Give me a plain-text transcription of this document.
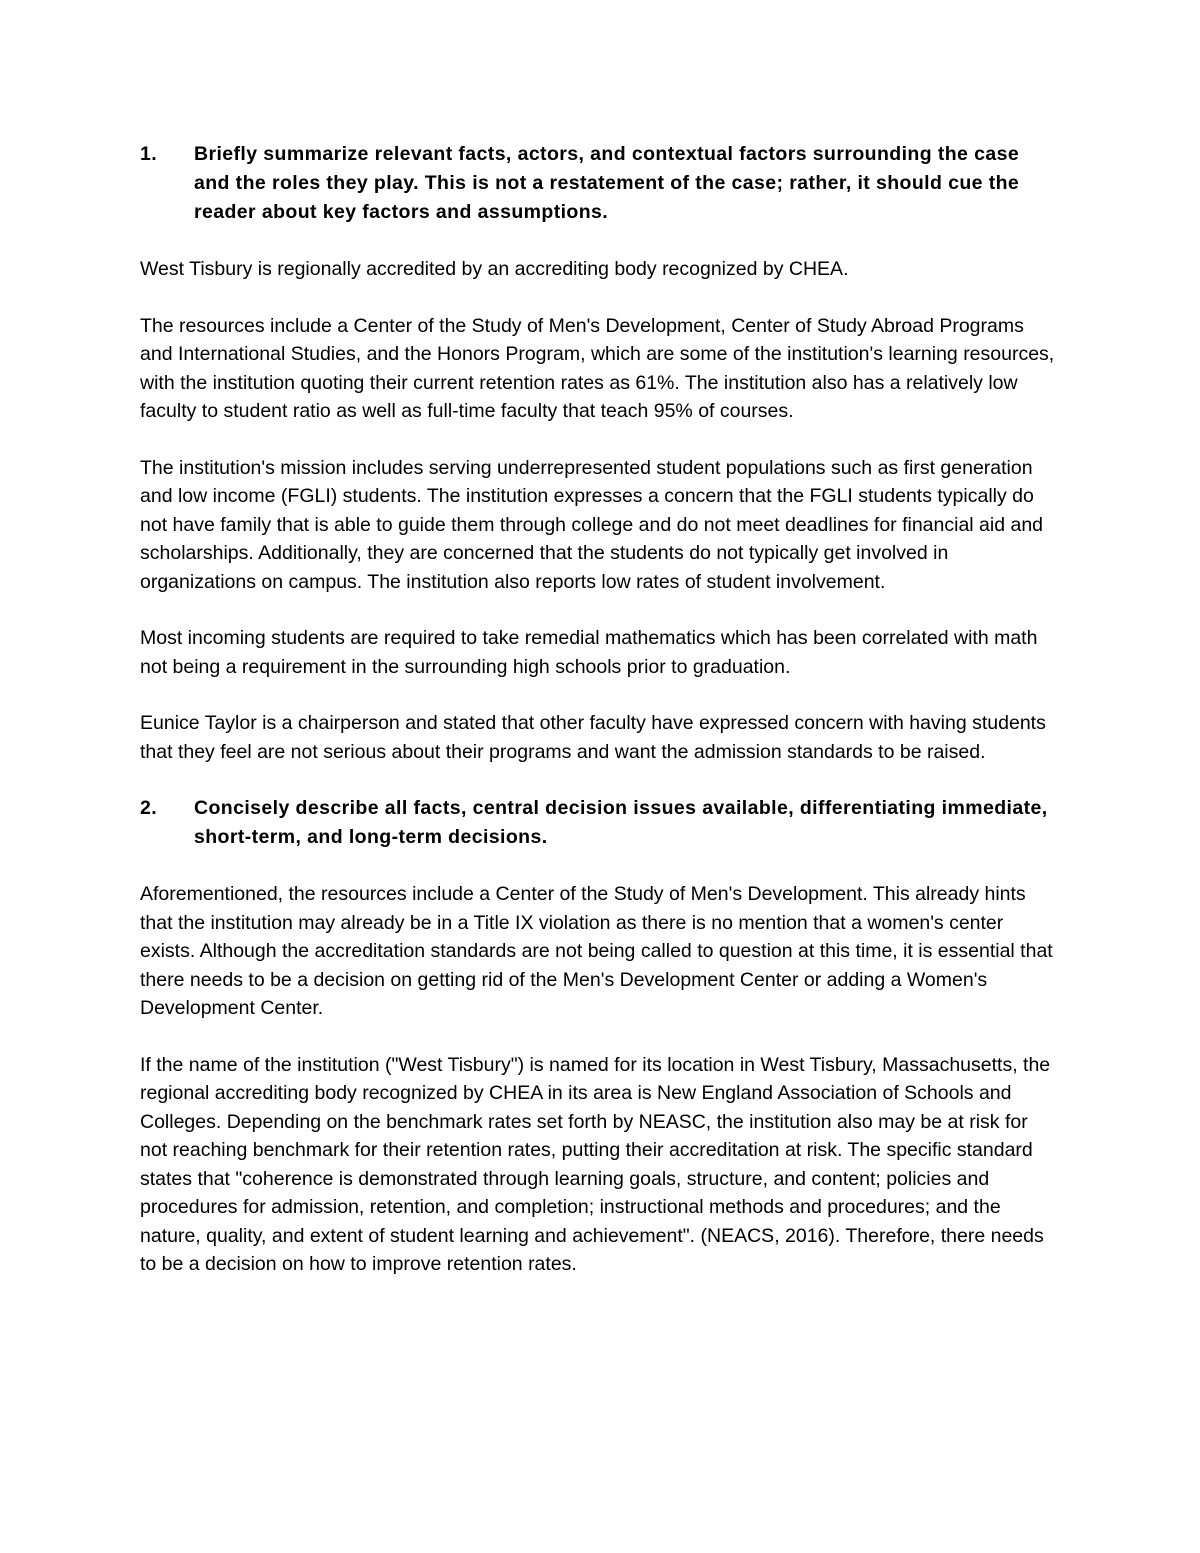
1.	Briefly summarize relevant facts, actors, and contextual factors surrounding the case and the roles they play. This is not a restatement of the case; rather, it should cue the reader about key factors and assumptions.

West Tisbury is regionally accredited by an accrediting body recognized by CHEA.

The resources include a Center of the Study of Men's Development, Center of Study Abroad Programs and International Studies, and the Honors Program, which are some of the institution's learning resources, with the institution quoting their current retention rates as 61%. The institution also has a relatively low faculty to student ratio as well as full-time faculty that teach 95% of courses.

The institution's mission includes serving underrepresented student populations such as first generation and low income (FGLI) students. The institution expresses a concern that the FGLI students typically do not have family that is able to guide them through college and do not meet deadlines for financial aid and scholarships. Additionally, they are concerned that the students do not typically get involved in organizations on campus. The institution also reports low rates of student involvement.

Most incoming students are required to take remedial mathematics which has been correlated with math not being a requirement in the surrounding high schools prior to graduation.

Eunice Taylor is a chairperson and stated that other faculty have expressed concern with having students that they feel are not serious about their programs and want the admission standards to be raised.

2.	Concisely describe all facts, central decision issues available, differentiating immediate, short-term, and long-term decisions.

Aforementioned, the resources include a Center of the Study of Men's Development. This already hints that the institution may already be in a Title IX violation as there is no mention that a women's center exists. Although the accreditation standards are not being called to question at this time, it is essential that there needs to be a decision on getting rid of the Men's Development Center or adding a Women's Development Center.

If the name of the institution ("West Tisbury") is named for its location in West Tisbury, Massachusetts, the regional accrediting body recognized by CHEA in its area is New England Association of Schools and Colleges. Depending on the benchmark rates set forth by NEASC, the institution also may be at risk for not reaching benchmark for their retention rates, putting their accreditation at risk. The specific standard states that "coherence is demonstrated through learning goals, structure, and content; policies and procedures for admission, retention, and completion; instructional methods and procedures; and the nature, quality, and extent of student learning and achievement". (NEACS, 2016). Therefore, there needs to be a decision on how to improve retention rates.
